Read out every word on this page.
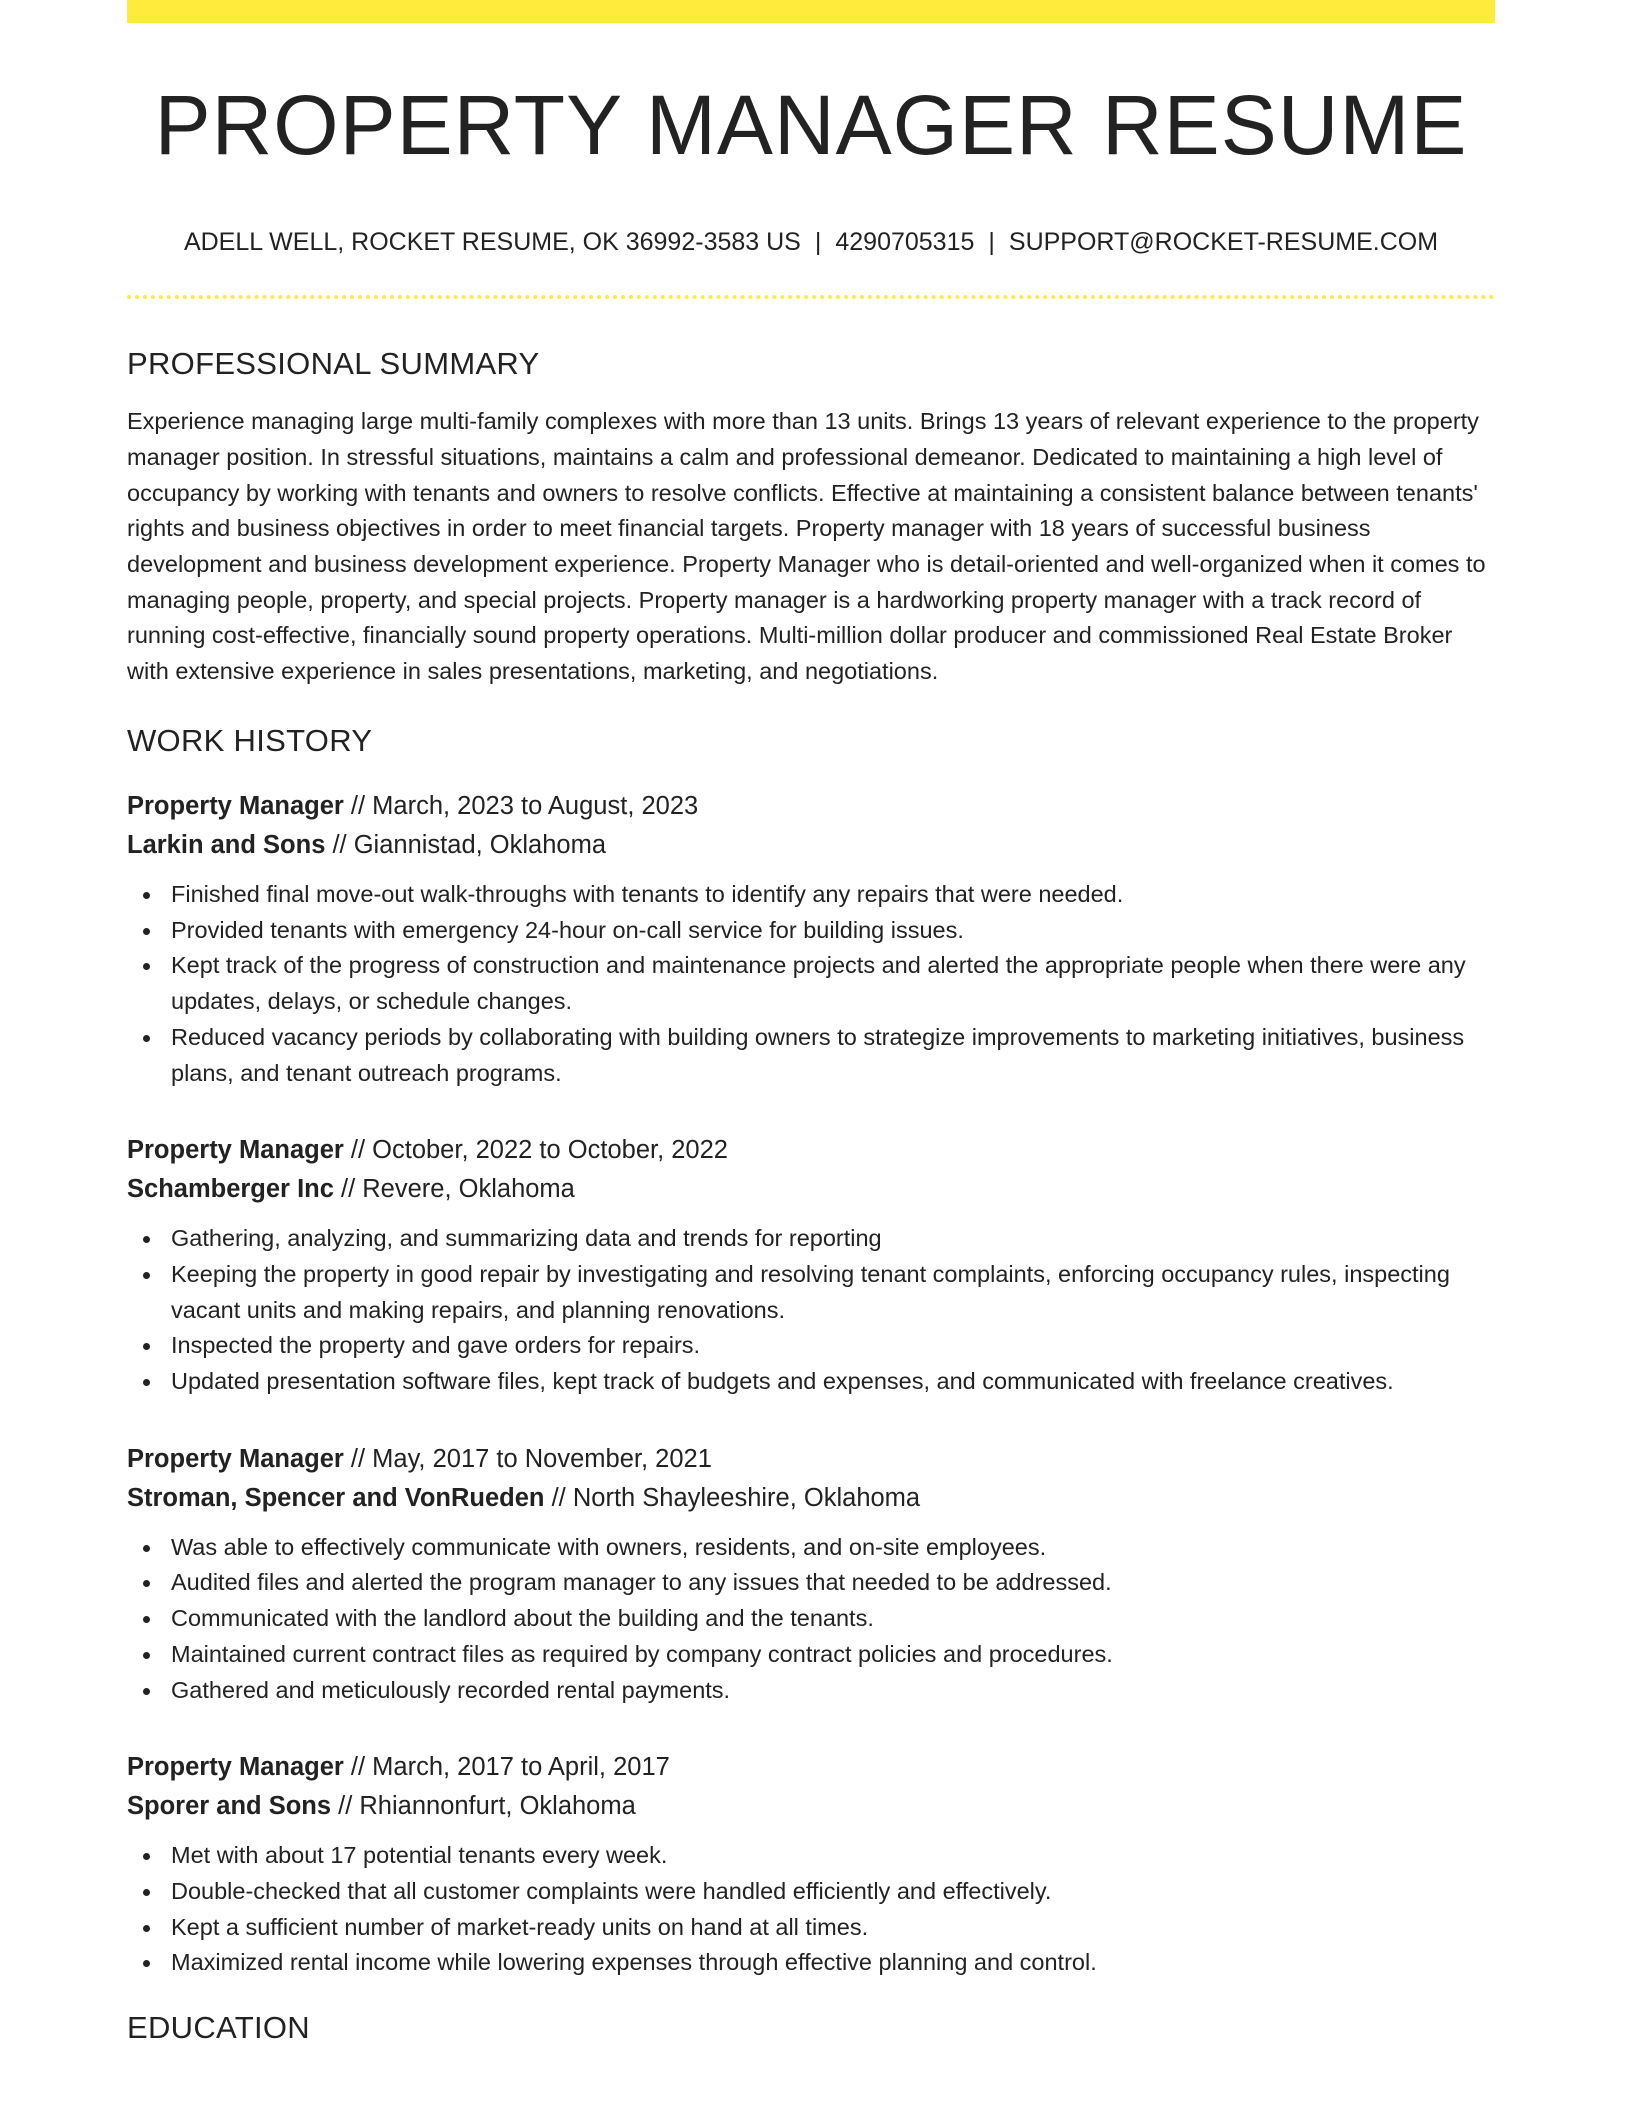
PROPERTY MANAGER RESUME
ADELL WELL, ROCKET RESUME, OK 36992-3583 US | 4290705315 | SUPPORT@ROCKET-RESUME.COM
PROFESSIONAL SUMMARY
Experience managing large multi-family complexes with more than 13 units. Brings 13 years of relevant experience to the property manager position. In stressful situations, maintains a calm and professional demeanor. Dedicated to maintaining a high level of occupancy by working with tenants and owners to resolve conflicts. Effective at maintaining a consistent balance between tenants' rights and business objectives in order to meet financial targets. Property manager with 18 years of successful business development and business development experience. Property Manager who is detail-oriented and well-organized when it comes to managing people, property, and special projects. Property manager is a hardworking property manager with a track record of running cost-effective, financially sound property operations. Multi-million dollar producer and commissioned Real Estate Broker with extensive experience in sales presentations, marketing, and negotiations.
WORK HISTORY
Property Manager // March, 2023 to August, 2023
Larkin and Sons // Giannistad, Oklahoma
Finished final move-out walk-throughs with tenants to identify any repairs that were needed.
Provided tenants with emergency 24-hour on-call service for building issues.
Kept track of the progress of construction and maintenance projects and alerted the appropriate people when there were any updates, delays, or schedule changes.
Reduced vacancy periods by collaborating with building owners to strategize improvements to marketing initiatives, business plans, and tenant outreach programs.
Property Manager // October, 2022 to October, 2022
Schamberger Inc // Revere, Oklahoma
Gathering, analyzing, and summarizing data and trends for reporting
Keeping the property in good repair by investigating and resolving tenant complaints, enforcing occupancy rules, inspecting vacant units and making repairs, and planning renovations.
Inspected the property and gave orders for repairs.
Updated presentation software files, kept track of budgets and expenses, and communicated with freelance creatives.
Property Manager // May, 2017 to November, 2021
Stroman, Spencer and VonRueden // North Shayleeshire, Oklahoma
Was able to effectively communicate with owners, residents, and on-site employees.
Audited files and alerted the program manager to any issues that needed to be addressed.
Communicated with the landlord about the building and the tenants.
Maintained current contract files as required by company contract policies and procedures.
Gathered and meticulously recorded rental payments.
Property Manager // March, 2017 to April, 2017
Sporer and Sons // Rhiannonfurt, Oklahoma
Met with about 17 potential tenants every week.
Double-checked that all customer complaints were handled efficiently and effectively.
Kept a sufficient number of market-ready units on hand at all times.
Maximized rental income while lowering expenses through effective planning and control.
EDUCATION
